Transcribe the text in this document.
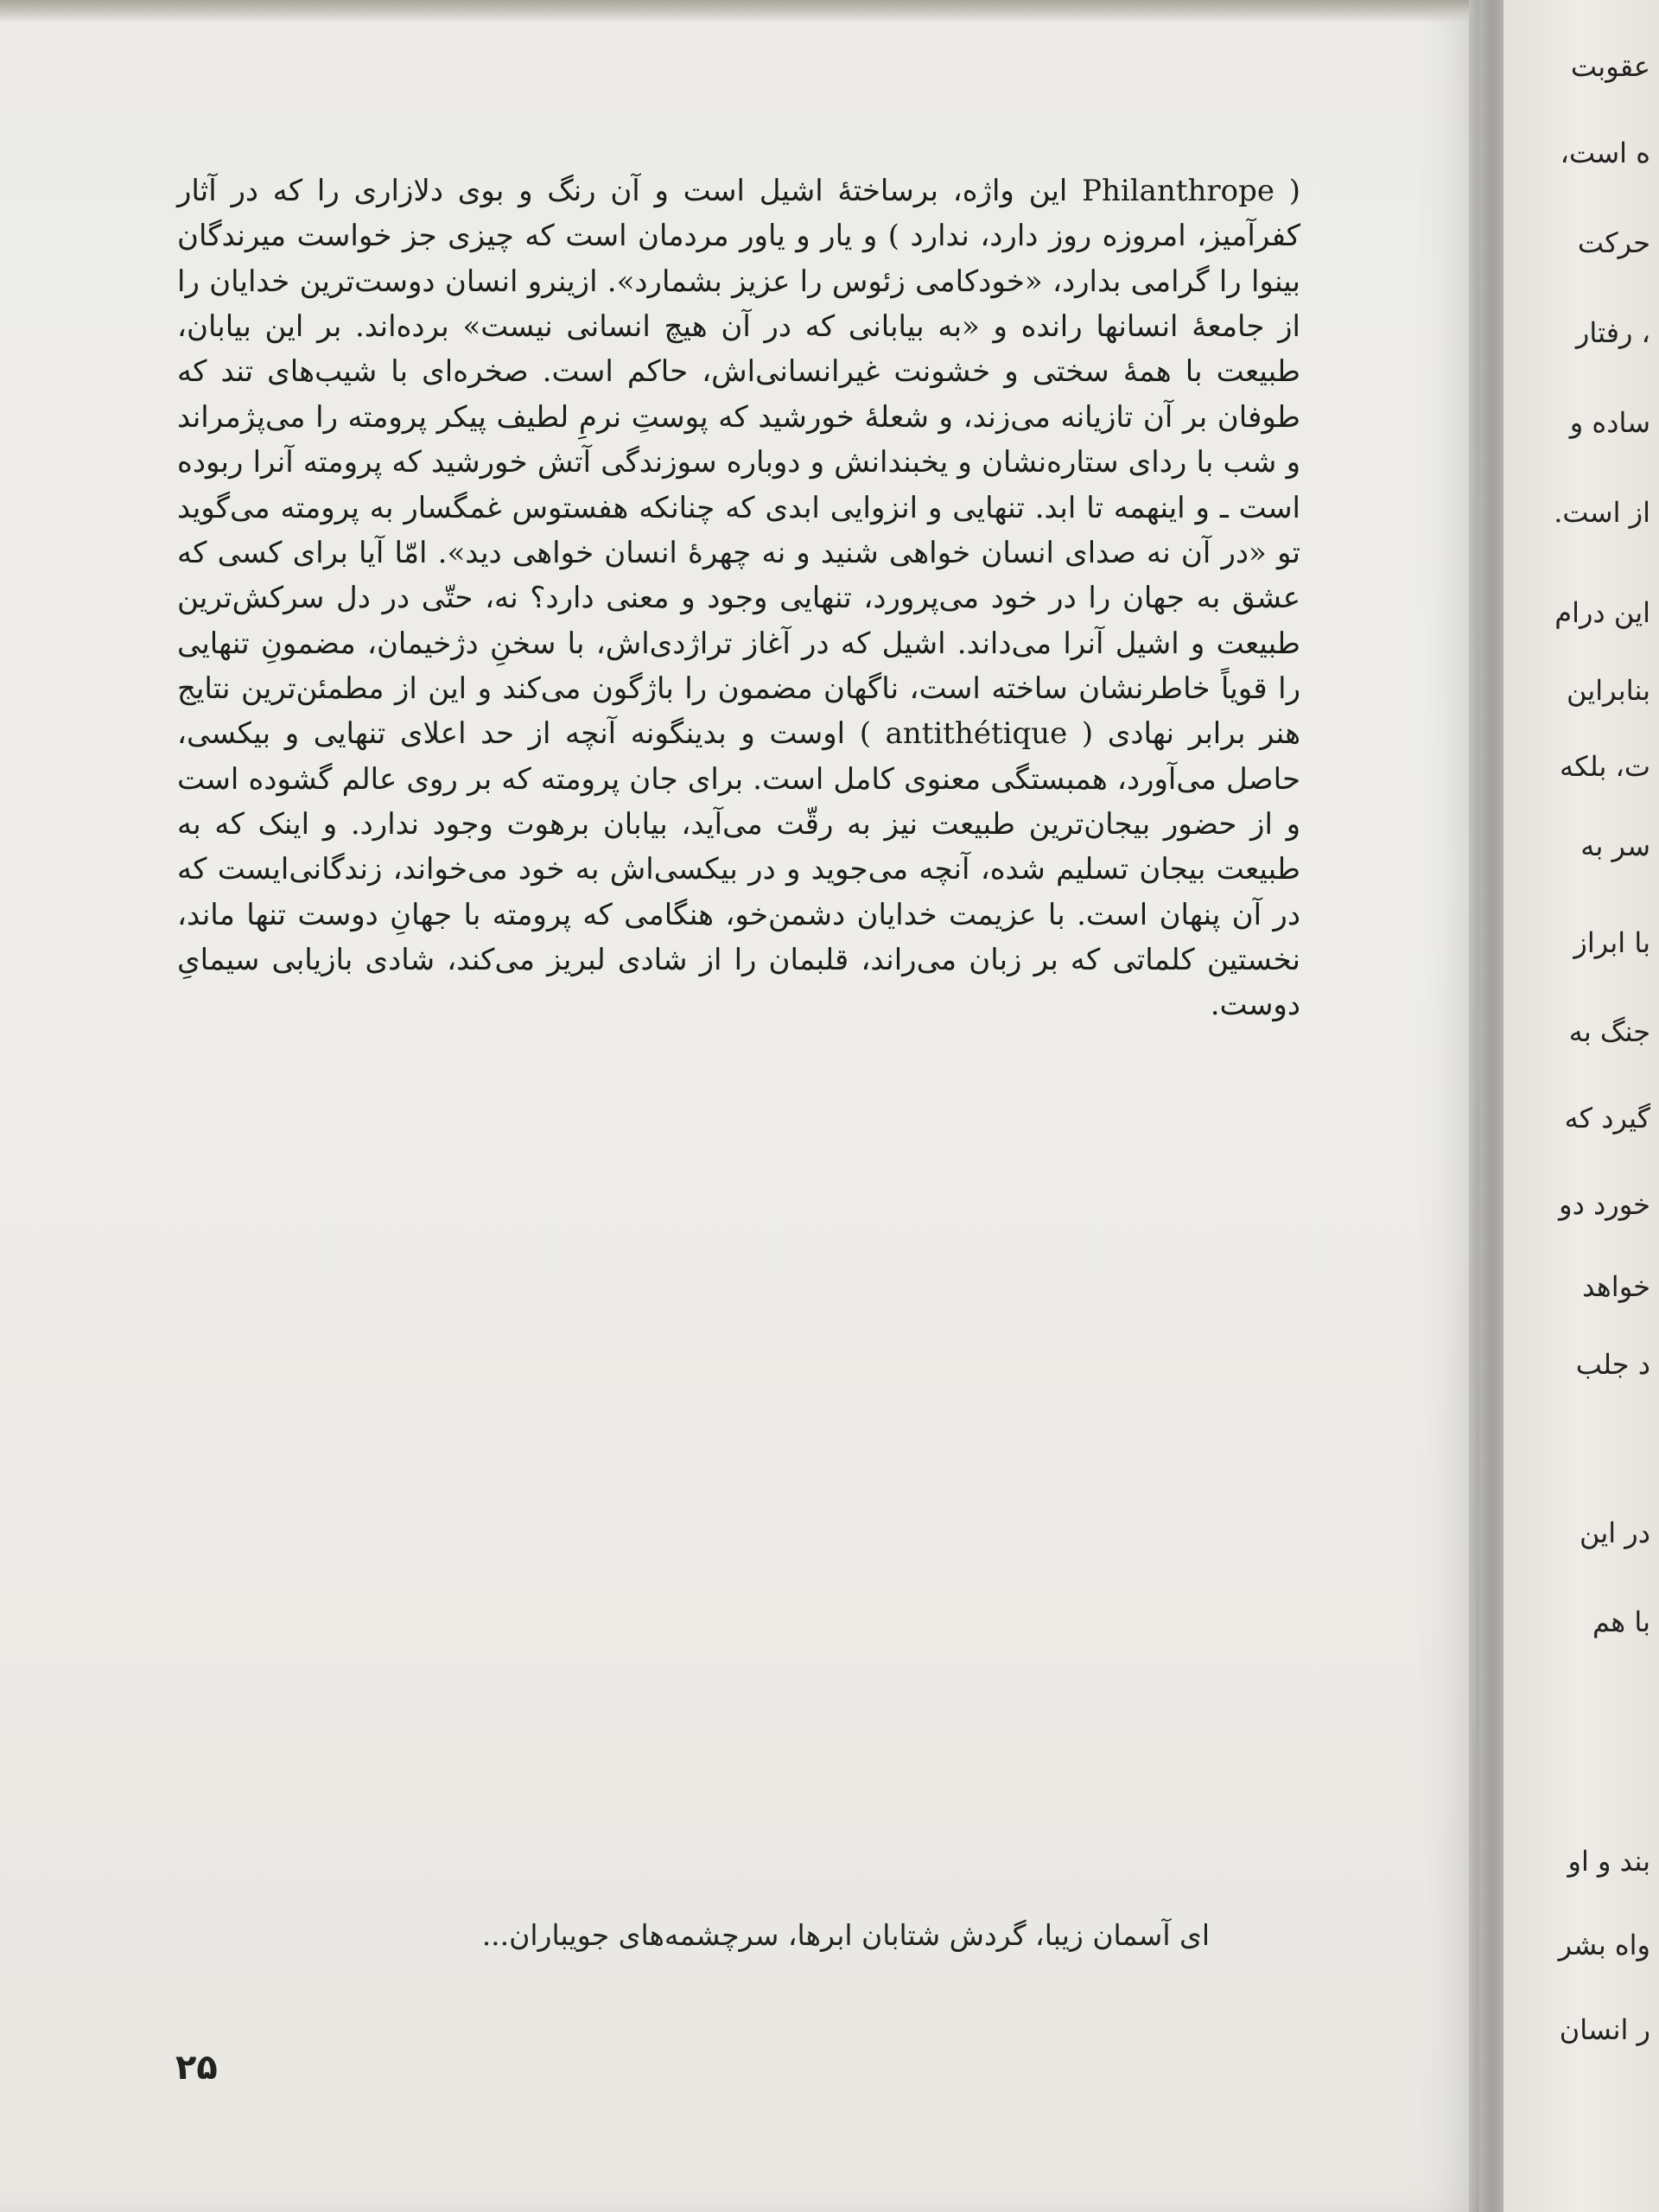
( Philanthrope این واژه، برساختهٔ اشیل است و آن رنگ و بوی دلازاری را که در آثار کفرآمیز، امروزه روز دارد، ندارد ) و یار و یاور مردمان است که چیزی جز خواست میرندگان بینوا را گرامی بدارد، «خودکامی زئوس را عزیز بشمارد». ازینرو انسان دوست‌ترین خدایان را از جامعهٔ انسانها رانده و «به بیابانی که در آن هیچ انسانی نیست» برده‌اند. بر این بیابان، طبیعت با همهٔ سختی و خشونت غیرانسانی‌اش، حاکم است. صخره‌ای با شیب‌های تند که طوفان بر آن تازیانه می‌زند، و شعلهٔ خورشید که پوستِ نرمِ لطیف پیکر پرومته را می‌پژمراند و شب با ردای ستاره‌نشان و یخبندانش و دوباره سوزندگی آتش خورشید که پرومته آنرا ربوده است ـ و اینهمه تا ابد. تنهایی و انزوایی ابدی که چنانکه هفستوس غمگسار به پرومته می‌گوید تو «در آن نه صدای انسان خواهی شنید و نه چهرهٔ انسان خواهی دید». امّا آیا برای کسی که عشق به جهان را در خود می‌پرورد، تنهایی وجود و معنی دارد؟ نه، حتّی در دل سرکش‌ترین طبیعت و اشیل آنرا می‌داند. اشیل که در آغاز تراژدی‌اش، با سخنِ دژخیمان، مضمونِ تنهایی را قویاً خاطرنشان ساخته است، ناگهان مضمون را باژگون می‌کند و این از مطمئن‌ترین نتایج هنر برابر نهادی ( antithétique ) اوست و بدینگونه آنچه از حد اعلای تنهایی و بیکسی، حاصل می‌آورد، همبستگی معنوی کامل است. برای جان پرومته که بر روی عالم گشوده است و از حضور بیجان‌ترین طبیعت نیز به رقّت می‌آید، بیابان برهوت وجود ندارد. و اینک که به طبیعت بیجان تسلیم شده، آنچه می‌جوید و در بیکسی‌اش به خود می‌خواند، زندگانی‌ایست که در آن پنهان است. با عزیمت خدایان دشمن‌خو، هنگامی که پرومته با جهانِ دوست تنها ماند، نخستین کلماتی که بر زبان می‌راند، قلبمان را از شادی لبریز می‌کند، شادی بازیابی سیمایِ دوست.

ای آسمان زیبا، گردش شتابان ابرها، سرچشمه‌های جویباران...
۲۵
عقوبت
ه است،
حرکت
، رفتار
ساده و
از است.
این درام
بنابراین
ت، بلکه
سر به
با ابراز
جنگ به
گیرد که
خورد دو
خواهد
د جلب
در این
با هم
بند و او
واه بشر
ر انسان
